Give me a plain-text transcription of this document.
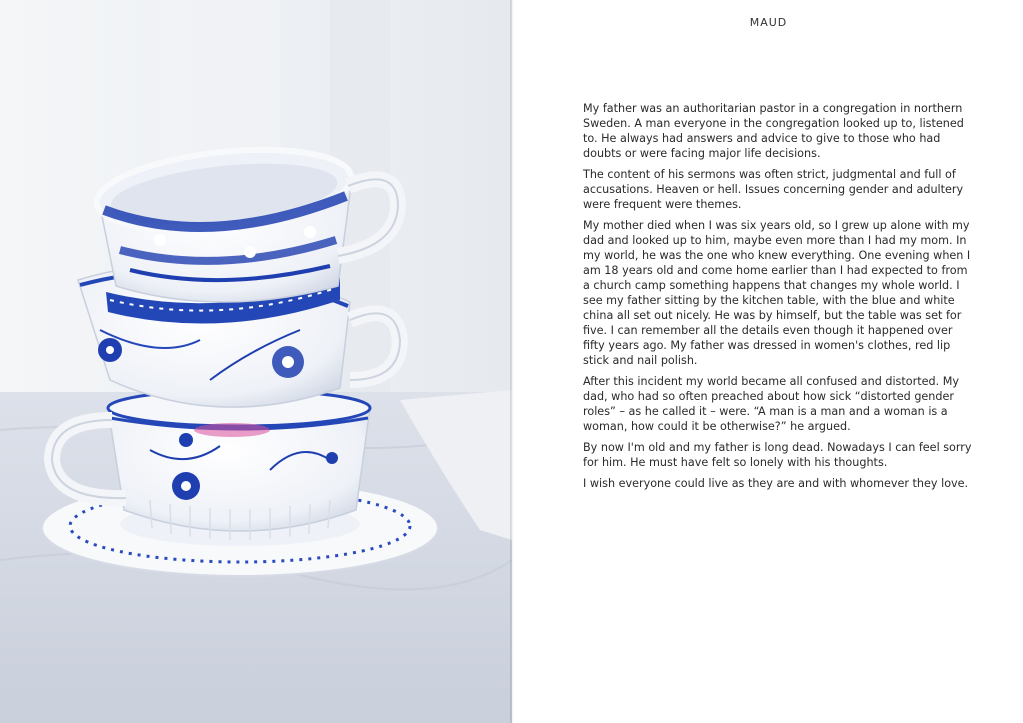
MAUD

My father was an authoritarian pastor in a congregation in northern Sweden. A man everyone in the congregation looked up to, listened to. He always had answers and advice to give to those who had doubts or were facing major life decisions.

The content of his sermons was often strict, judgmental and full of accusations. Heaven or hell. Issues concerning gender and adultery were frequent were themes.

My mother died when I was six years old, so I grew up alone with my dad and looked up to him, maybe even more than I had my mom. In my world, he was the one who knew everything. One evening when I am 18 years old and come home earlier than I had expected to from a church camp something happens that changes my whole world. I see my father sitting by the kitchen table, with the blue and white china all set out nicely. He was by himself, but the table was set for five. I can remember all the details even though it happened over fifty years ago. My father was dressed in women's clothes, red lip stick and nail polish.

After this incident my world became all confused and distorted. My dad, who had so often preached about how sick “distorted gender roles” – as he called it – were. “A man is a man and a woman is a woman, how could it be otherwise?” he argued.

By now I'm old and my father is long dead. Nowadays I can feel sorry for him. He must have felt so lonely with his thoughts.

I wish everyone could live as they are and with whomever they love.
